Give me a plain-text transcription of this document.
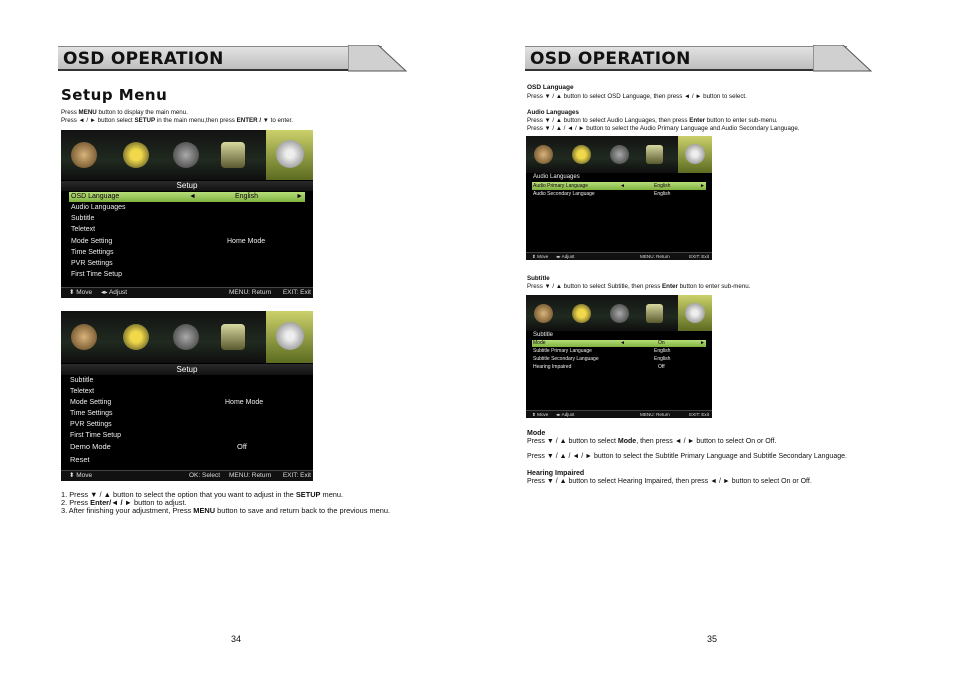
OSD OPERATION
Setup Menu
Press MENU button to display the main menu.
Press ◄ / ► button select SETUP in the main menu,then press ENTER / ▼ to enter.
Setup
OSD Language	◄	English	►
Audio Languages
Subtitle
Teletext
Mode Setting	Home Mode
Time Settings
PVR Settings
First Time Setup
⬍ Move ◂▸ Adjust	MENU: Return EXIT: Exit
Setup
Subtitle
Teletext
Mode Setting	Home Mode
Time Settings
PVR Settings
First Time Setup
Demo Mode	Off
Reset
⬍ Move	OK: Select MENU: Return EXIT: Exit
1. Press ▼ / ▲ button to select the option that you want to adjust in the SETUP menu.
2. Press Enter/◄ / ► button to adjust.
3. After finishing your adjustment, Press MENU button to save and return back to the previous menu.
34
OSD OPERATION
OSD Language
Press ▼ / ▲ button to select OSD Language, then press ◄ / ► button to select.
Audio Languages
Press ▼ / ▲ button to select Audio Languages, then press Enter button to enter sub-menu.
Press ▼ / ▲ / ◄ / ► button to select the Audio Primary Language and Audio Secondary Language.
Audio Languages
Audio Primary Language	◄	English	►
Audio Secondary Language	English
⬍ Move ◂▸ Adjust	MENU: Return	EXIT: Exit
Subtitle
Press ▼ / ▲ button to select Subtitle, then press Enter button to enter sub-menu.
Subtitle
Mode	◄	On	►
Subtitle Primary Language	English
Subtitle Secondary Language	English
Hearing Impaired	Off
⬍ Move ◂▸ Adjust	MENU: Return	EXIT: Exit
Mode
Press ▼ / ▲ button to select Mode, then press ◄ / ► button to select On or Off.
Press ▼ / ▲ / ◄ / ► button to select the Subtitle Primary Language and Subtitle Secondary Language.
Hearing Impaired
Press ▼ / ▲ button to select Hearing Impaired, then press ◄ / ► button to select On or Off.
35
